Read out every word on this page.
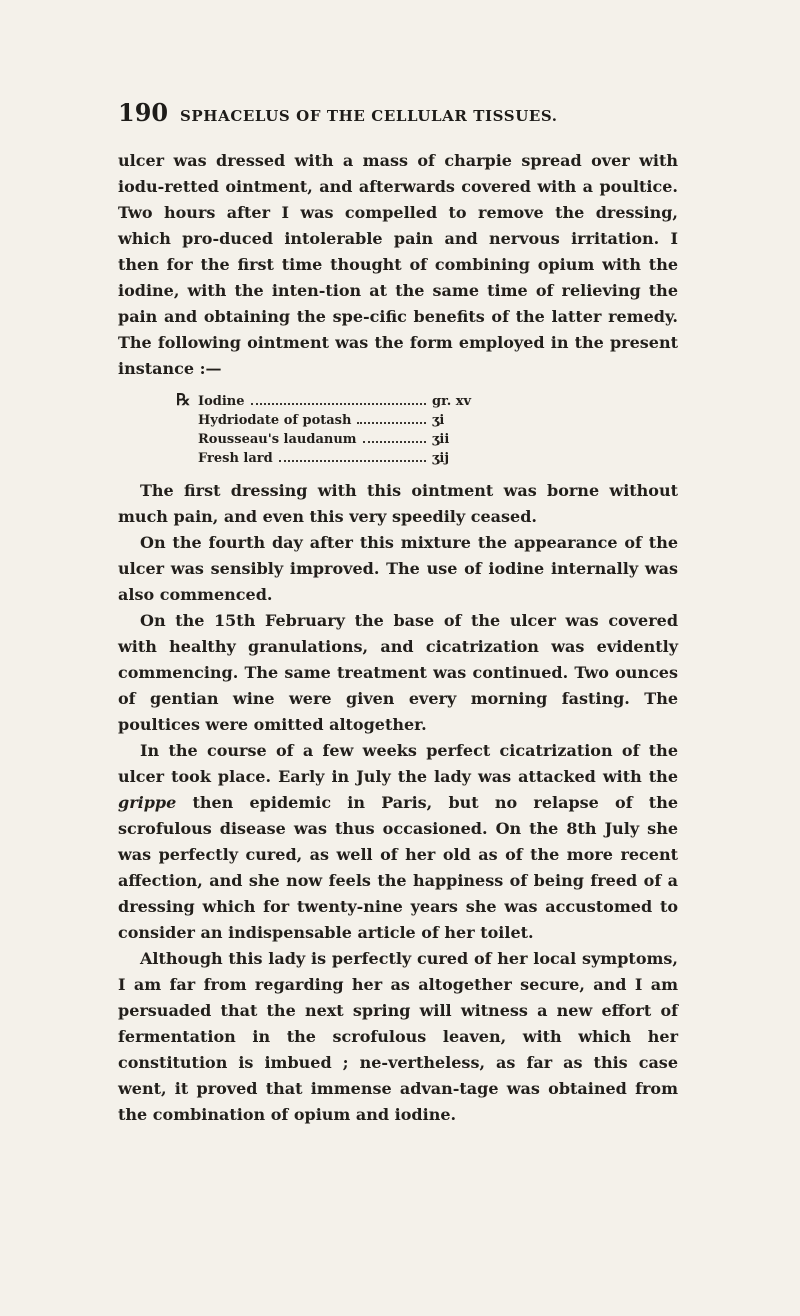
190 SPHACELUS OF THE CELLULAR TISSUES.

ulcer was dressed with a mass of charpie spread over with iodu-retted ointment, and afterwards covered with a poultice. Two hours after I was compelled to remove the dressing, which pro-duced intolerable pain and nervous irritation. I then for the first time thought of combining opium with the iodine, with the inten-tion at the same time of relieving the pain and obtaining the spe-cific benefits of the latter remedy. The following ointment was the form employed in the present instance :—

℞ Iodine	gr. xv
Hydriodate of potash	ʒi
Rousseau's laudanum	ʒii
Fresh lard	ʒij

The first dressing with this ointment was borne without much pain, and even this very speedily ceased.

On the fourth day after this mixture the appearance of the ulcer was sensibly improved. The use of iodine internally was also commenced.

On the 15th February the base of the ulcer was covered with healthy granulations, and cicatrization was evidently commencing. The same treatment was continued. Two ounces of gentian wine were given every morning fasting. The poultices were omitted altogether.

In the course of a few weeks perfect cicatrization of the ulcer took place. Early in July the lady was attacked with the grippe then epidemic in Paris, but no relapse of the scrofulous disease was thus occasioned. On the 8th July she was perfectly cured, as well of her old as of the more recent affection, and she now feels the happiness of being freed of a dressing which for twenty-nine years she was accustomed to consider an indispensable article of her toilet.

Although this lady is perfectly cured of her local symptoms, I am far from regarding her as altogether secure, and I am persuaded that the next spring will witness a new effort of fermentation in the scrofulous leaven, with which her constitution is imbued ; ne-vertheless, as far as this case went, it proved that immense advan-tage was obtained from the combination of opium and iodine.
